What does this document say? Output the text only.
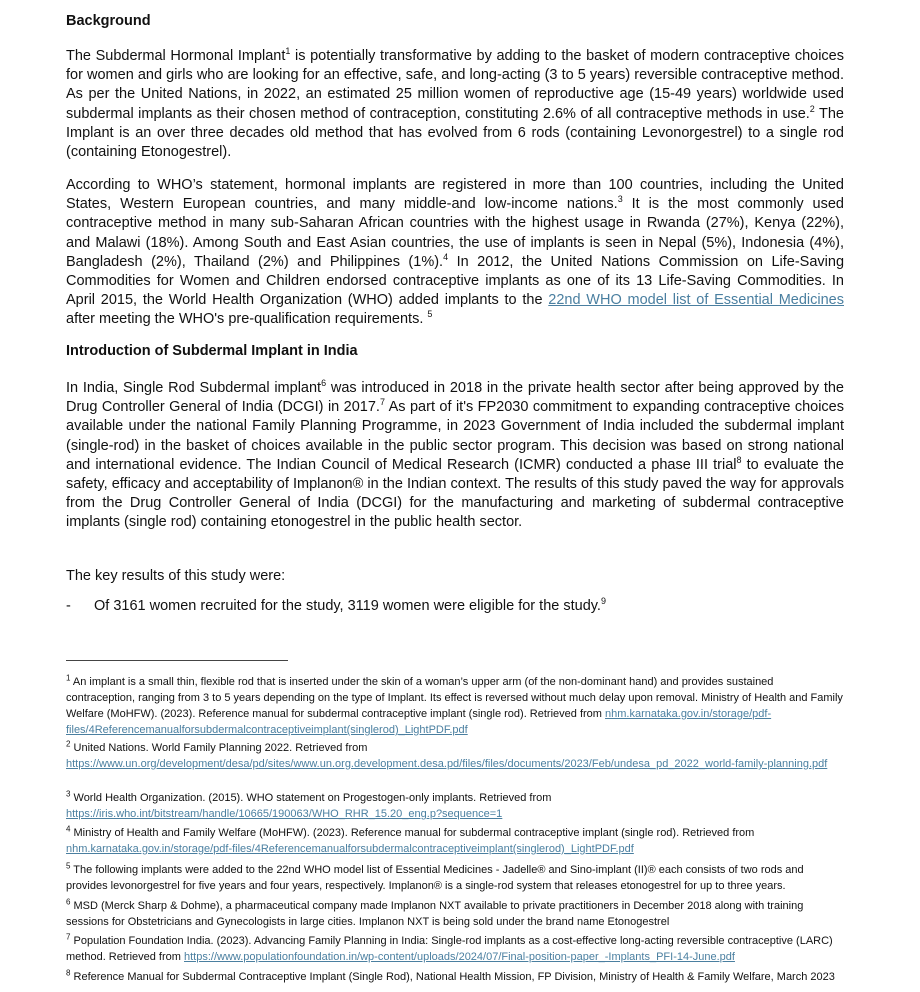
Background

The Subdermal Hormonal Implant$^1$ is potentially transformative by adding to the basket of modern contraceptive choices for women and girls who are looking for an effective, safe, and long-acting (3 to 5 years) reversible contraceptive method. As per the United Nations, in 2022, an estimated 25 million women of reproductive age (15-49 years) worldwide used subdermal implants as their chosen method of contraception, constituting 2.6% of all contraceptive methods in use.$^2$ The Implant is an over three decades old method that has evolved from 6 rods (containing Levonorgestrel) to a single rod (containing Etonogestrel).

According to WHO’s statement, hormonal implants are registered in more than 100 countries, including the United States, Western European countries, and many middle-and low-income nations.$^3$ It is the most commonly used contraceptive method in many sub-Saharan African countries with the highest usage in Rwanda (27%), Kenya (22%), and Malawi (18%). Among South and East Asian countries, the use of implants is seen in Nepal (5%), Indonesia (4%), Bangladesh (2%), Thailand (2%) and Philippines (1%).$^4$ In 2012, the United Nations Commission on Life-Saving Commodities for Women and Children endorsed contraceptive implants as one of its 13 Life-Saving Commodities. In April 2015, the World Health Organization (WHO) added implants to the 22nd WHO model list of Essential Medicines after meeting the WHO's pre-qualification requirements. $^5$

Introduction of Subdermal Implant in India

In India, Single Rod Subdermal implant$^6$ was introduced in 2018 in the private health sector after being approved by the Drug Controller General of India (DCGI) in 2017.$^7$ As part of it's FP2030 commitment to expanding contraceptive choices available under the national Family Planning Programme, in 2023 Government of India included the subdermal implant (single-rod) in the basket of choices available in the public sector program. This decision was based on strong national and international evidence. The Indian Council of Medical Research (ICMR) conducted a phase III trial$^8$ to evaluate the safety, efficacy and acceptability of Implanon® in the Indian context. The results of this study paved the way for approvals from the Drug Controller General of India (DCGI) for the manufacturing and marketing of subdermal contraceptive implants (single rod) containing etonogestrel in the public health sector.

The key results of this study were:

- Of 3161 women recruited for the study, 3119 women were eligible for the study.$^9$

$^1$ An implant is a small thin, flexible rod that is inserted under the skin of a woman’s upper arm (of the non-dominant hand) and provides sustained contraception, ranging from 3 to 5 years depending on the type of Implant. Its effect is reversed without much delay upon removal. Ministry of Health and Family Welfare (MoHFW). (2023). Reference manual for subdermal contraceptive implant (single rod). Retrieved from nhm.karnataka.gov.in/storage/pdf-files/4Referencemanualforsubdermalcontraceptiveimplant(singlerod)_LightPDF.pdf

$^2$ United Nations. World Family Planning 2022. Retrieved from
https://www.un.org/development/desa/pd/sites/www.un.org.development.desa.pd/files/files/documents/2023/Feb/undesa_pd_2022_world-family-planning.pdf

$^3$ World Health Organization. (2015). WHO statement on Progestogen-only implants. Retrieved from
https://iris.who.int/bitstream/handle/10665/190063/WHO_RHR_15.20_eng.p?sequence=1

$^4$ Ministry of Health and Family Welfare (MoHFW). (2023). Reference manual for subdermal contraceptive implant (single rod). Retrieved from
nhm.karnataka.gov.in/storage/pdf-files/4Referencemanualforsubdermalcontraceptiveimplant(singlerod)_LightPDF.pdf

$^5$ The following implants were added to the 22nd WHO model list of Essential Medicines - Jadelle® and Sino-implant (II)® each consists of two rods and provides levonorgestrel for five years and four years, respectively. Implanon® is a single-rod system that releases etonogestrel for up to three years.

$^6$ MSD (Merck Sharp & Dohme), a pharmaceutical company made Implanon NXT available to private practitioners in December 2018 along with training sessions for Obstetricians and Gynecologists in large cities. Implanon NXT is being sold under the brand name Etonogestrel

$^7$ Population Foundation India. (2023). Advancing Family Planning in India: Single-rod implants as a cost-effective long-acting reversible contraceptive (LARC) method. Retrieved from https://www.populationfoundation.in/wp-content/uploads/2024/07/Final-position-paper_-Implants_PFI-14-June.pdf

$^8$ Reference Manual for Subdermal Contraceptive Implant (Single Rod), National Health Mission, FP Division, Ministry of Health & Family Welfare, March 2023
